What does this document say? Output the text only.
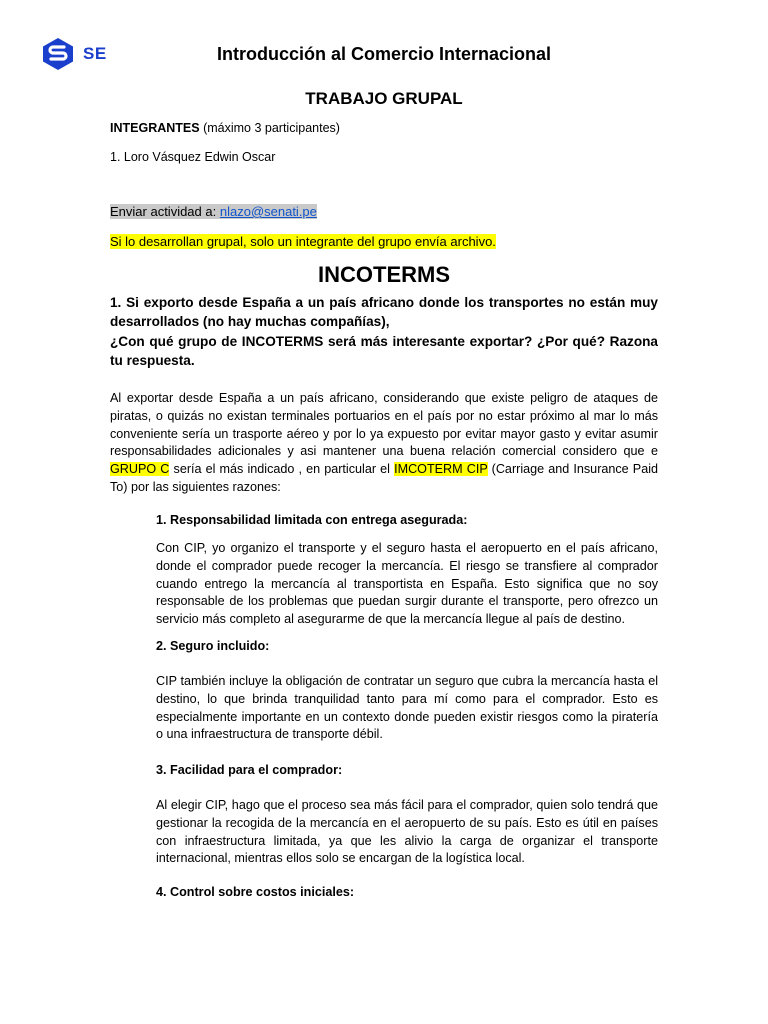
SE	Introducción al Comercio Internacional
TRABAJO GRUPAL
INTEGRANTES (máximo 3 participantes)
1. Loro Vásquez Edwin Oscar
Enviar actividad a: nlazo@senati.pe
Si lo desarrollan grupal, solo un integrante del grupo envía archivo.
INCOTERMS

1. Si exporto desde España a un país africano donde los transportes no están muy desarrollados (no hay muchas compañías),

¿Con qué grupo de INCOTERMS será más interesante exportar? ¿Por qué? Razona tu respuesta.

Al exportar desde España a un país africano, considerando que existe peligro de ataques de piratas, o quizás no existan terminales portuarios en el país por no estar próximo al mar lo más conveniente sería un trasporte aéreo y por lo ya expuesto por evitar mayor gasto y evitar asumir responsabilidades adicionales y asi mantener una buena relación comercial considero que e GRUPO C sería el más indicado , en particular el IMCOTERM CIP (Carriage and Insurance Paid To) por las siguientes razones:
1. Responsabilidad limitada con entrega asegurada:
Con CIP, yo organizo el transporte y el seguro hasta el aeropuerto en el país africano, donde el comprador puede recoger la mercancía. El riesgo se transfiere al comprador cuando entrego la mercancía al transportista en España. Esto significa que no soy responsable de los problemas que puedan surgir durante el transporte, pero ofrezco un servicio más completo al asegurarme de que la mercancía llegue al país de destino.
2. Seguro incluido:
CIP también incluye la obligación de contratar un seguro que cubra la mercancía hasta el destino, lo que brinda tranquilidad tanto para mí como para el comprador. Esto es especialmente importante en un contexto donde pueden existir riesgos como la piratería o una infraestructura de transporte débil.
3. Facilidad para el comprador:
Al elegir CIP, hago que el proceso sea más fácil para el comprador, quien solo tendrá que gestionar la recogida de la mercancía en el aeropuerto de su país. Esto es útil en países con infraestructura limitada, ya que les alivio la carga de organizar el transporte internacional, mientras ellos solo se encargan de la logística local.
4. Control sobre costos iniciales:
